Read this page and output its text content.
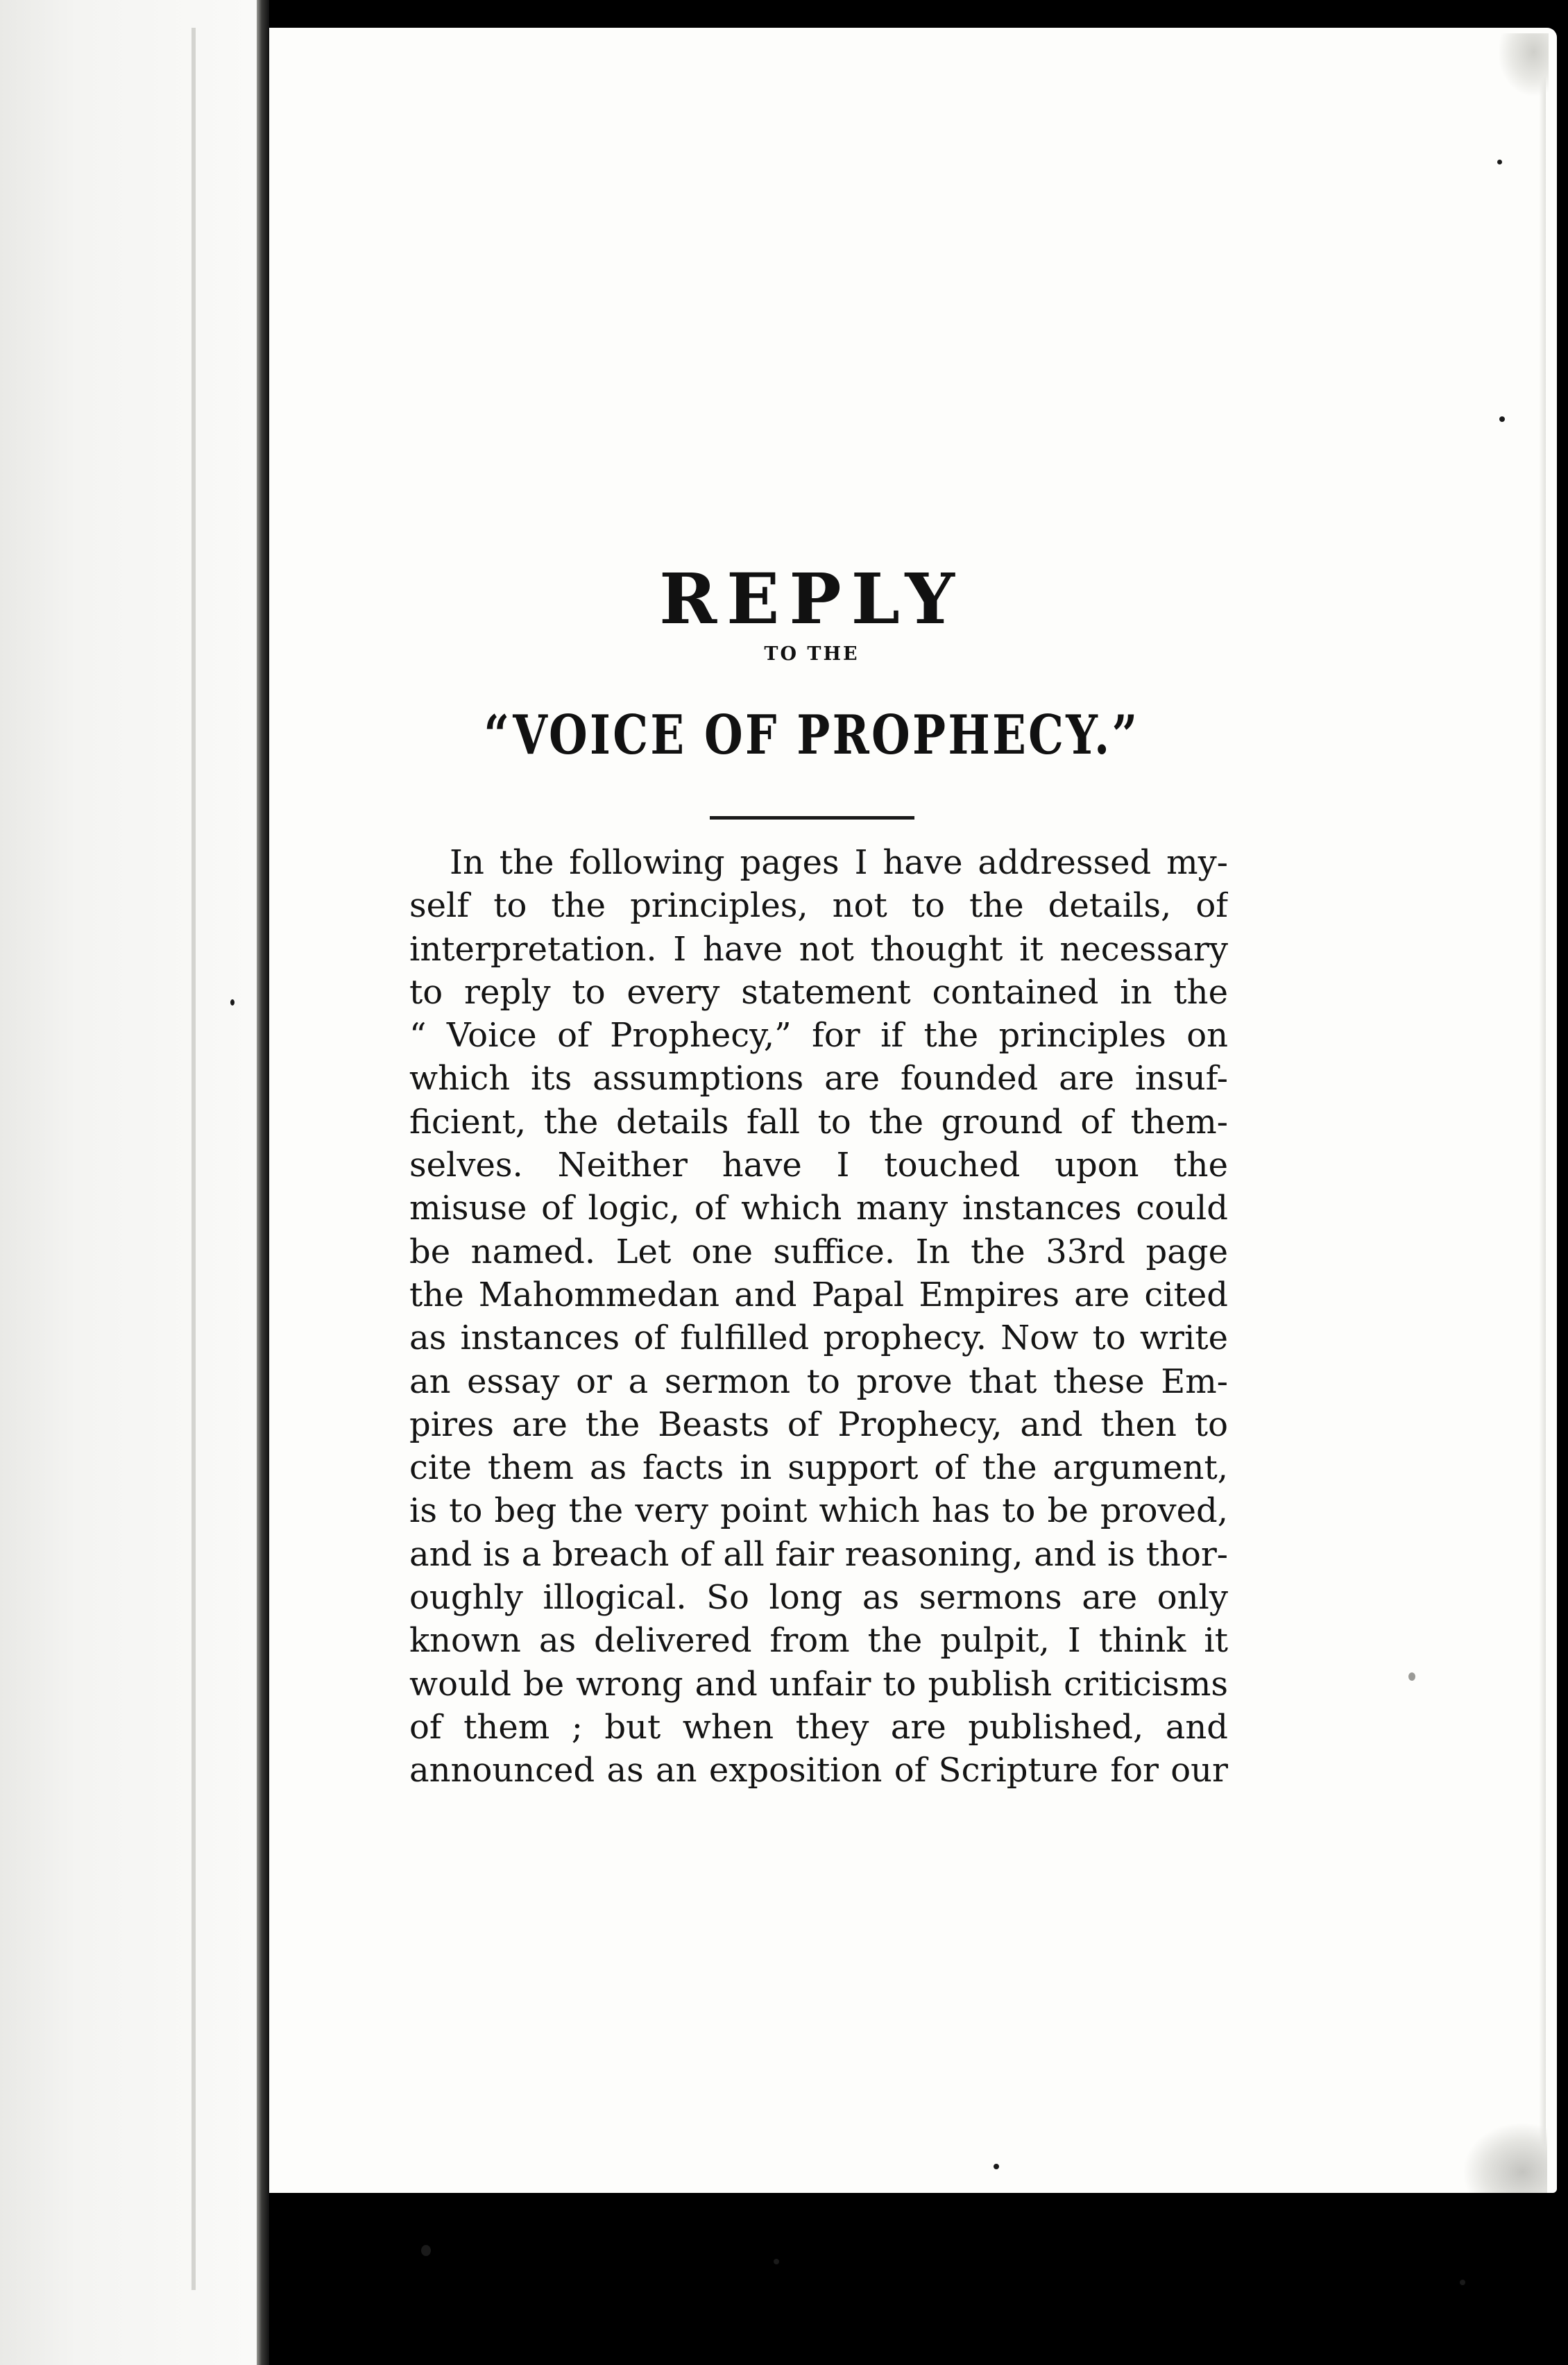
REPLY
TO THE
“VOICE OF PROPHECY.”
In the following pages I have addressed my-
self to the principles, not to the details, of
interpretation. I have not thought it necessary
to reply to every statement contained in the
“ Voice of Prophecy,” for if the principles on
which its assumptions are founded are insuf-
ficient, the details fall to the ground of them-
selves. Neither have I touched upon the
misuse of logic, of which many instances could
be named. Let one suffice. In the 33rd page
the Mahommedan and Papal Empires are cited
as instances of fulfilled prophecy. Now to write
an essay or a sermon to prove that these Em-
pires are the Beasts of Prophecy, and then to
cite them as facts in support of the argument,
is to beg the very point which has to be proved,
and is a breach of all fair reasoning, and is thor-
oughly illogical. So long as sermons are only
known as delivered from the pulpit, I think it
would be wrong and unfair to publish criticisms
of them ; but when they are published, and
announced as an exposition of Scripture for our
